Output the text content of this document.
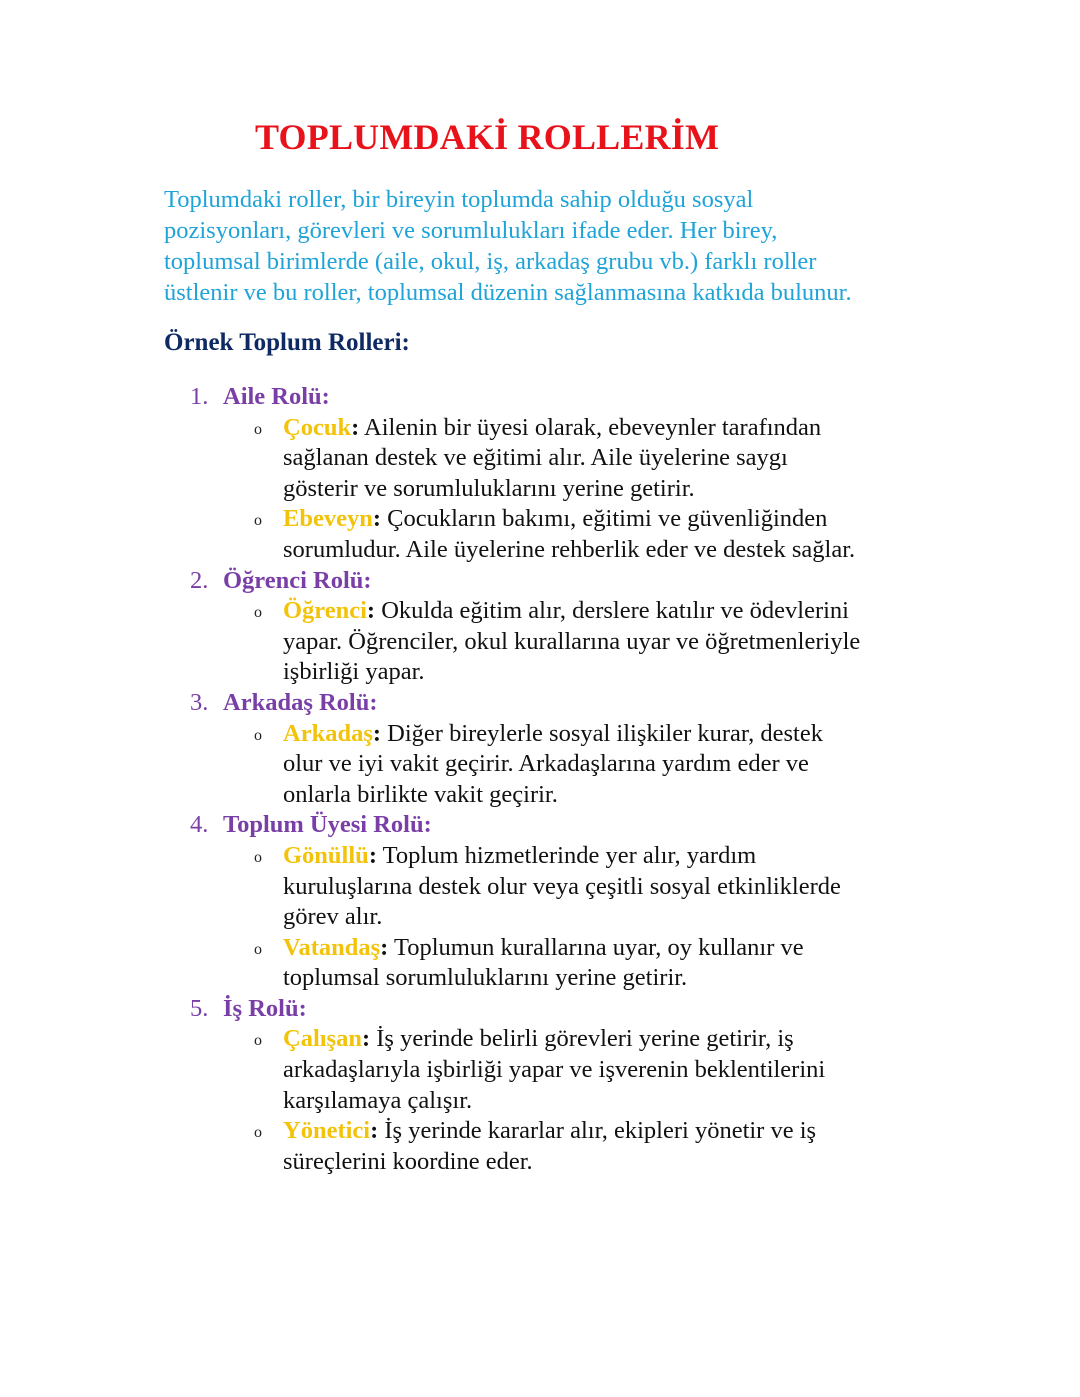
TOPLUMDAKİ ROLLERİM

Toplumdaki roller, bir bireyin toplumda sahip olduğu sosyal
pozisyonları, görevleri ve sorumlulukları ifade eder. Her birey,
toplumsal birimlerde (aile, okul, iş, arkadaş grubu vb.) farklı roller
üstlenir ve bu roller, toplumsal düzenin sağlanmasına katkıda bulunur.

Örnek Toplum Rolleri:
1. Aile Rolü:
o Çocuk: Ailenin bir üyesi olarak, ebeveynler tarafından
sağlanan destek ve eğitimi alır. Aile üyelerine saygı
gösterir ve sorumluluklarını yerine getirir.
o Ebeveyn: Çocukların bakımı, eğitimi ve güvenliğinden
sorumludur. Aile üyelerine rehberlik eder ve destek sağlar.
2. Öğrenci Rolü:
o Öğrenci: Okulda eğitim alır, derslere katılır ve ödevlerini
yapar. Öğrenciler, okul kurallarına uyar ve öğretmenleriyle
işbirliği yapar.
3. Arkadaş Rolü:
o Arkadaş: Diğer bireylerle sosyal ilişkiler kurar, destek
olur ve iyi vakit geçirir. Arkadaşlarına yardım eder ve
onlarla birlikte vakit geçirir.
4. Toplum Üyesi Rolü:
o Gönüllü: Toplum hizmetlerinde yer alır, yardım
kuruluşlarına destek olur veya çeşitli sosyal etkinliklerde
görev alır.
o Vatandaş: Toplumun kurallarına uyar, oy kullanır ve
toplumsal sorumluluklarını yerine getirir.
5. İş Rolü:
o Çalışan: İş yerinde belirli görevleri yerine getirir, iş
arkadaşlarıyla işbirliği yapar ve işverenin beklentilerini
karşılamaya çalışır.
o Yönetici: İş yerinde kararlar alır, ekipleri yönetir ve iş
süreçlerini koordine eder.
